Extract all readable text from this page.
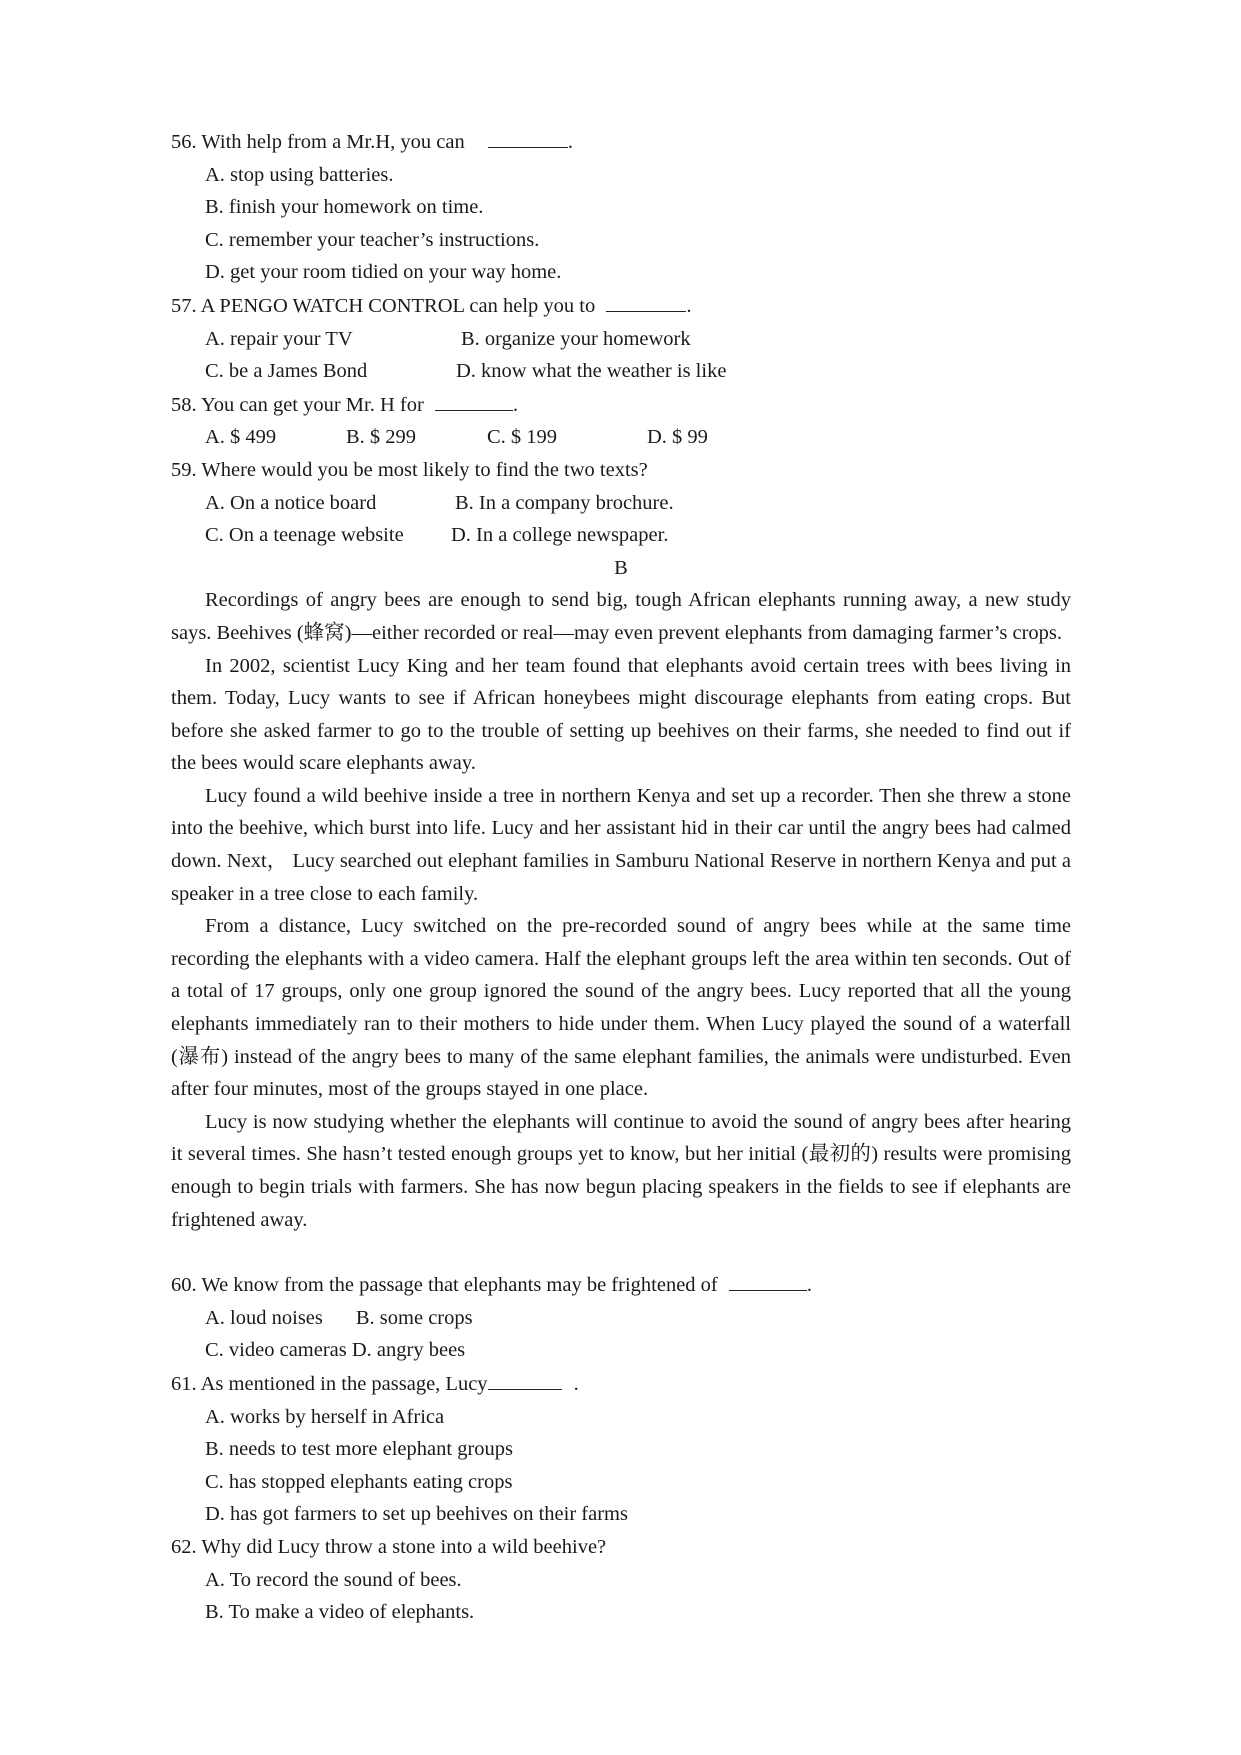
56. With help from a Mr.H, you can	.
A. stop using batteries.
B. finish your homework on time.
C. remember your teacher’s instructions.
D. get your room tidied on your way home.
57. A PENGO WATCH CONTROL can help you to	.
A. repair your TV	B. organize your homework
C. be a James Bond	D. know what the weather is like
58. You can get your Mr. H for	.
A. $ 499	B. $ 299	C. $ 199	D. $ 99
59. Where would you be most likely to find the two texts?
A. On a notice board	B. In a company brochure.
C. On a teenage website D. In a college newspaper.
B
Recordings of angry bees are enough to send big, tough African elephants running away, a new study says. Beehives (蜂窝)—either recorded or real—may even prevent elephants from damaging farmer’s crops.
In 2002, scientist Lucy King and her team found that elephants avoid certain trees with bees living in them. Today, Lucy wants to see if African honeybees might discourage elephants from eating crops. But before she asked farmer to go to the trouble of setting up beehives on their farms, she needed to find out if the bees would scare elephants away.
Lucy found a wild beehive inside a tree in northern Kenya and set up a recorder. Then she threw a stone into the beehive, which burst into life. Lucy and her assistant hid in their car until the angry bees had calmed down. Next， Lucy searched out elephant families in Samburu National Reserve in northern Kenya and put a speaker in a tree close to each family.
From a distance, Lucy switched on the pre-recorded sound of angry bees while at the same time recording the elephants with a video camera. Half the elephant groups left the area within ten seconds. Out of a total of 17 groups, only one group ignored the sound of the angry bees. Lucy reported that all the young elephants immediately ran to their mothers to hide under them. When Lucy played the sound of a waterfall (瀑布) instead of the angry bees to many of the same elephant families, the animals were undisturbed. Even after four minutes, most of the groups stayed in one place.
Lucy is now studying whether the elephants will continue to avoid the sound of angry bees after hearing it several times. She hasn’t tested enough groups yet to know, but her initial (最初的) results were promising enough to begin trials with farmers. She has now begun placing speakers in the fields to see if elephants are frightened away.
60. We know from the passage that elephants may be frightened of	.
A. loud noises B. some crops
C. video cameras D. angry bees
61. As mentioned in the passage, Lucy	.
A. works by herself in Africa
B. needs to test more elephant groups
C. has stopped elephants eating crops
D. has got farmers to set up beehives on their farms
62. Why did Lucy throw a stone into a wild beehive?
A. To record the sound of bees.
B. To make a video of elephants.
